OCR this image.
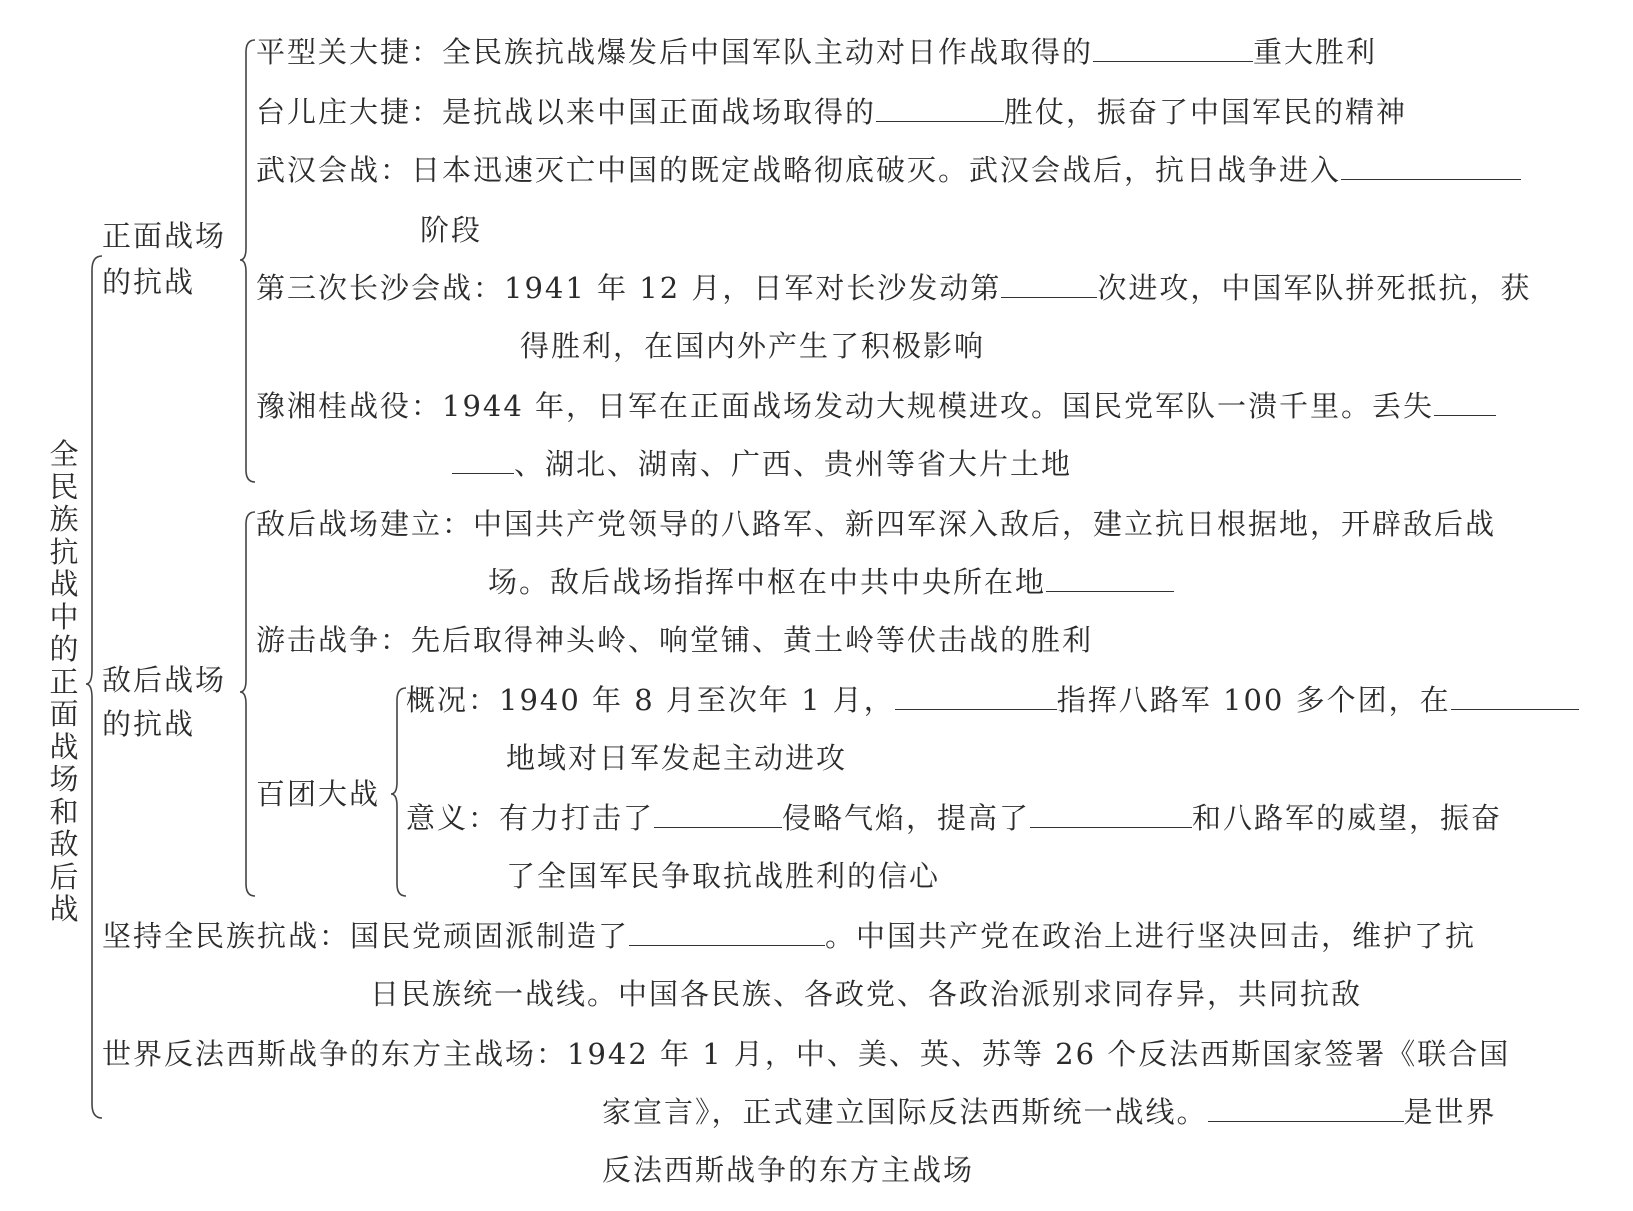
全民族抗战中的正面战场和敌后战
正面战场
的抗战
平型关大捷：全民族抗战爆发后中国军队主动对日作战取得的	重大胜利
台儿庄大捷：是抗战以来中国正面战场取得的	胜仗，振奋了中国军民的精神
武汉会战：日本迅速灭亡中国的既定战略彻底破灭。武汉会战后，抗日战争进入
阶段
第三次长沙会战：1941 年 12 月，日军对长沙发动第	次进攻，中国军队拼死抵抗，获
得胜利，在国内外产生了积极影响
豫湘桂战役：1944 年，日军在正面战场发动大规模进攻。国民党军队一溃千里。丢失
、湖北、湖南、广西、贵州等省大片土地
敌后战场
的抗战
敌后战场建立：中国共产党领导的八路军、新四军深入敌后，建立抗日根据地，开辟敌后战
场。敌后战场指挥中枢在中共中央所在地
游击战争：先后取得神头岭、响堂铺、黄土岭等伏击战的胜利
百团大战
概况：1940 年 8 月至次年 1 月，	指挥八路军 100 多个团，在
地域对日军发起主动进攻
意义：有力打击了	侵略气焰，提高了	和八路军的威望，振奋
了全国军民争取抗战胜利的信心
坚持全民族抗战：国民党顽固派制造了	。中国共产党在政治上进行坚决回击，维护了抗
日民族统一战线。中国各民族、各政党、各政治派别求同存异，共同抗敌
世界反法西斯战争的东方主战场：1942 年 1 月，中、美、英、苏等 26 个反法西斯国家签署《联合国
家宣言》，正式建立国际反法西斯统一战线。	是世界
反法西斯战争的东方主战场
